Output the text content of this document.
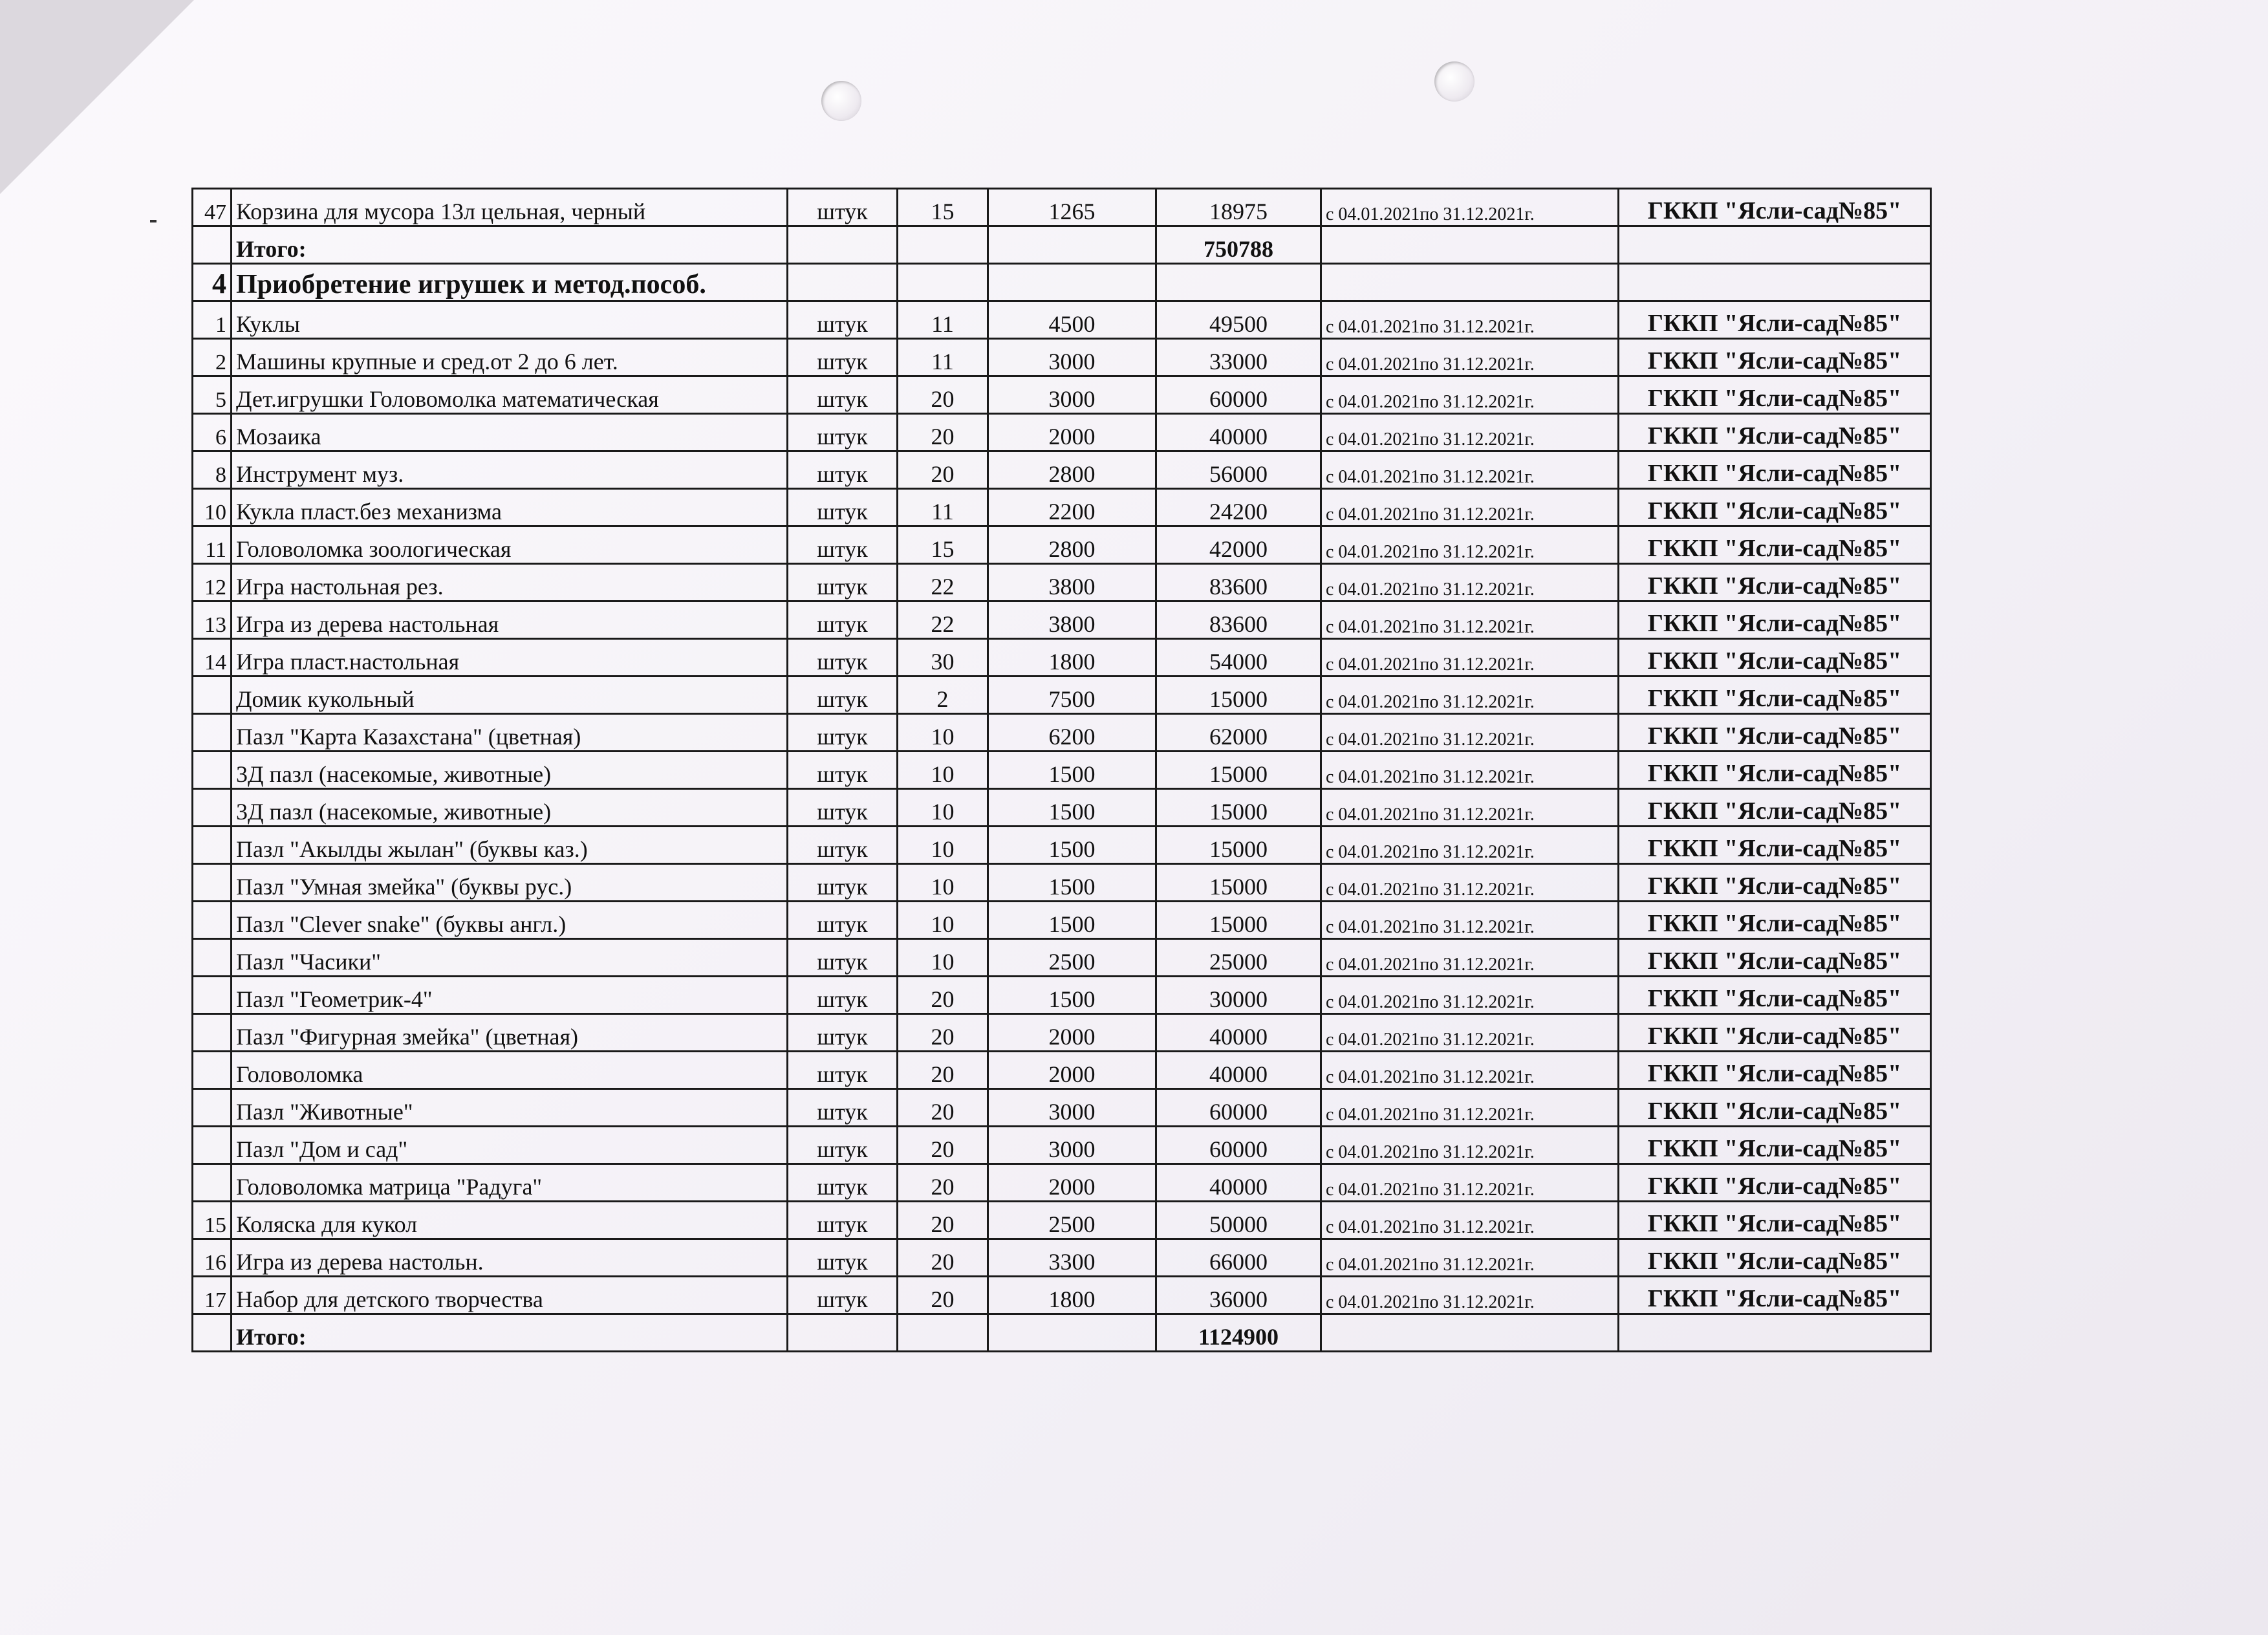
47	Корзина для мусора 13л цельная, черный	штук	15	1265	18975	с 04.01.2021по 31.12.2021г.	ГККП "Ясли-сад№85"
	Итого:				750788		
4	Приобретение игрушек и метод.пособ.						
1	Куклы	штук	11	4500	49500	с 04.01.2021по 31.12.2021г.	ГККП "Ясли-сад№85"
2	Машины крупные и сред.от 2 до 6 лет.	штук	11	3000	33000	с 04.01.2021по 31.12.2021г.	ГККП "Ясли-сад№85"
5	Дет.игрушки Головомолка математическая	штук	20	3000	60000	с 04.01.2021по 31.12.2021г.	ГККП "Ясли-сад№85"
6	Мозаика	штук	20	2000	40000	с 04.01.2021по 31.12.2021г.	ГККП "Ясли-сад№85"
8	Инструмент муз.	штук	20	2800	56000	с 04.01.2021по 31.12.2021г.	ГККП "Ясли-сад№85"
10	Кукла пласт.без механизма	штук	11	2200	24200	с 04.01.2021по 31.12.2021г.	ГККП "Ясли-сад№85"
11	Головоломка зоологическая	штук	15	2800	42000	с 04.01.2021по 31.12.2021г.	ГККП "Ясли-сад№85"
12	Игра настольная рез.	штук	22	3800	83600	с 04.01.2021по 31.12.2021г.	ГККП "Ясли-сад№85"
13	Игра из дерева настольная	штук	22	3800	83600	с 04.01.2021по 31.12.2021г.	ГККП "Ясли-сад№85"
14	Игра пласт.настольная	штук	30	1800	54000	с 04.01.2021по 31.12.2021г.	ГККП "Ясли-сад№85"
	Домик кукольный	штук	2	7500	15000	с 04.01.2021по 31.12.2021г.	ГККП "Ясли-сад№85"
	Пазл "Карта Казахстана" (цветная)	штук	10	6200	62000	с 04.01.2021по 31.12.2021г.	ГККП "Ясли-сад№85"
	3Д пазл (насекомые, животные)	штук	10	1500	15000	с 04.01.2021по 31.12.2021г.	ГККП "Ясли-сад№85"
	3Д пазл (насекомые, животные)	штук	10	1500	15000	с 04.01.2021по 31.12.2021г.	ГККП "Ясли-сад№85"
	Пазл "Акылды жылан" (буквы каз.)	штук	10	1500	15000	с 04.01.2021по 31.12.2021г.	ГККП "Ясли-сад№85"
	Пазл "Умная змейка" (буквы рус.)	штук	10	1500	15000	с 04.01.2021по 31.12.2021г.	ГККП "Ясли-сад№85"
	Пазл "Clever snake" (буквы англ.)	штук	10	1500	15000	с 04.01.2021по 31.12.2021г.	ГККП "Ясли-сад№85"
	Пазл "Часики"	штук	10	2500	25000	с 04.01.2021по 31.12.2021г.	ГККП "Ясли-сад№85"
	Пазл "Геометрик-4"	штук	20	1500	30000	с 04.01.2021по 31.12.2021г.	ГККП "Ясли-сад№85"
	Пазл "Фигурная змейка" (цветная)	штук	20	2000	40000	с 04.01.2021по 31.12.2021г.	ГККП "Ясли-сад№85"
	Головоломка	штук	20	2000	40000	с 04.01.2021по 31.12.2021г.	ГККП "Ясли-сад№85"
	Пазл "Животные"	штук	20	3000	60000	с 04.01.2021по 31.12.2021г.	ГККП "Ясли-сад№85"
	Пазл "Дом и сад"	штук	20	3000	60000	с 04.01.2021по 31.12.2021г.	ГККП "Ясли-сад№85"
	Головоломка матрица "Радуга"	штук	20	2000	40000	с 04.01.2021по 31.12.2021г.	ГККП "Ясли-сад№85"
15	Коляска для кукол	штук	20	2500	50000	с 04.01.2021по 31.12.2021г.	ГККП "Ясли-сад№85"
16	Игра из дерева настольн.	штук	20	3300	66000	с 04.01.2021по 31.12.2021г.	ГККП "Ясли-сад№85"
17	Набор для детского творчества	штук	20	1800	36000	с 04.01.2021по 31.12.2021г.	ГККП "Ясли-сад№85"
	Итого:				1124900		
